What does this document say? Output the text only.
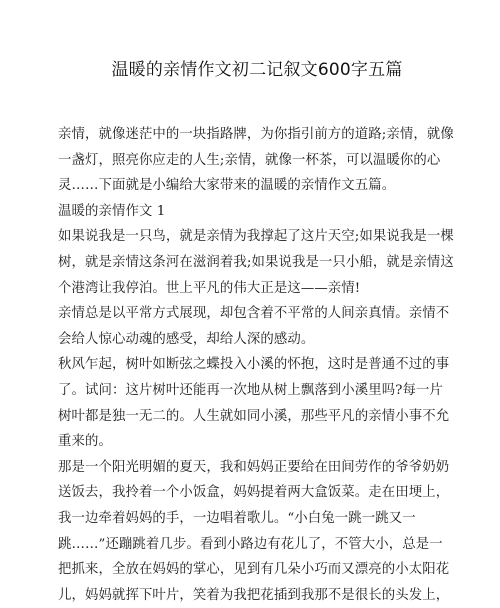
温暖的亲情作文初二记叙文600字五篇

亲情，就像迷茫中的一块指路牌，为你指引前方的道路;亲情，就像一盏灯，照亮你应走的人生;亲情，就像一杯茶，可以温暖你的心灵……下面就是小编给大家带来的温暖的亲情作文五篇。

温暖的亲情作文 1

如果说我是一只鸟，就是亲情为我撑起了这片天空;如果说我是一棵树，就是亲情这条河在滋润着我;如果说我是一只小船，就是亲情这个港湾让我停泊。世上平凡的伟大正是这——亲情!

亲情总是以平常方式展现，却包含着不平常的人间亲真情。亲情不会给人惊心动魂的感受，却给人深的感动。

秋风乍起，树叶如断弦之蝶投入小溪的怀抱，这时是普通不过的事了。试问：这片树叶还能再一次地从树上飘落到小溪里吗?每一片树叶都是独一无二的。人生就如同小溪，那些平凡的亲情小事不允重来的。

那是一个阳光明媚的夏天，我和妈妈正要给在田间劳作的爷爷奶奶送饭去，我拎着一个小饭盒，妈妈提着两大盒饭菜。走在田埂上，我一边牵着妈妈的手，一边唱着歌儿。“小白兔一跳一跳又一跳……”还蹦跳着几步。看到小路边有花儿了，不管大小，总是一把抓来，全放在妈妈的掌心，见到有几朵小巧而又漂亮的小太阳花儿，妈妈就挥下叶片，笑着为我把花插到我那不是很长的头发上，
